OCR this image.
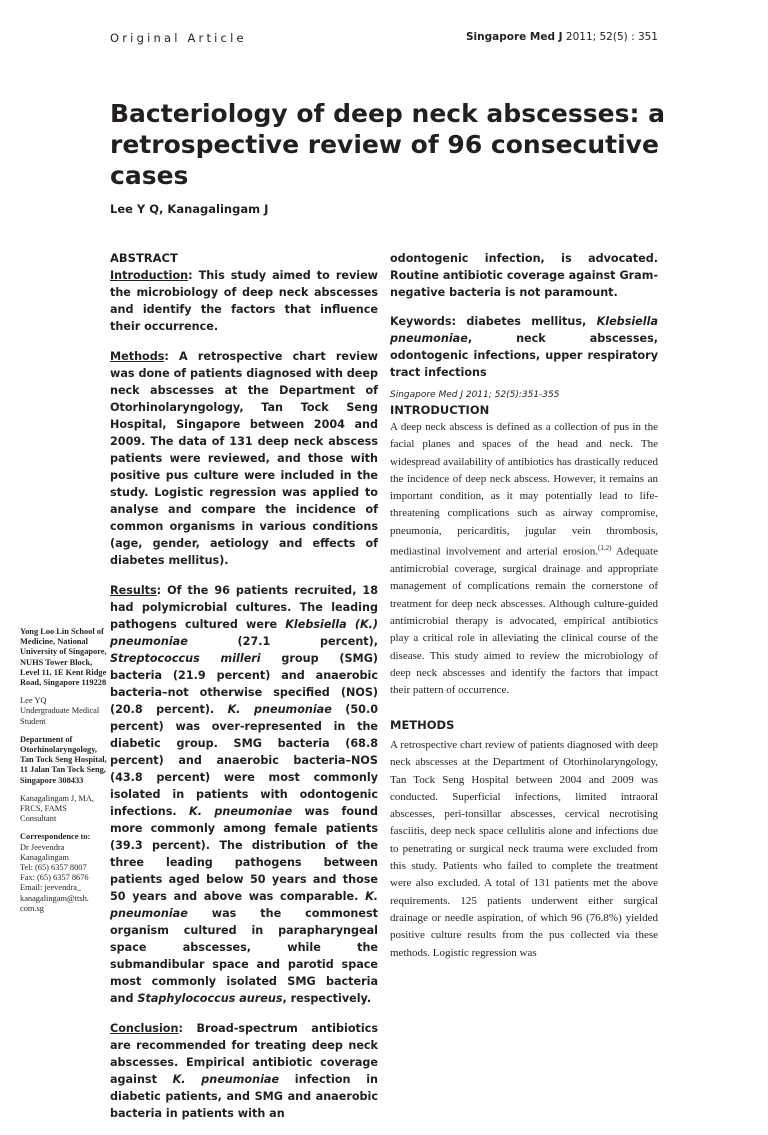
Original Article	Singapore Med J 2011; 52(5) : 351
Bacteriology of deep neck abscesses: a retrospective review of 96 consecutive cases
Lee Y Q, Kanagalingam J
ABSTRACT

Introduction: This study aimed to review the microbiology of deep neck abscesses and identify the factors that influence their occurrence.

Methods: A retrospective chart review was done of patients diagnosed with deep neck abscesses at the Department of Otorhinolaryngology, Tan Tock Seng Hospital, Singapore between 2004 and 2009. The data of 131 deep neck abscess patients were reviewed, and those with positive pus culture were included in the study. Logistic regression was applied to analyse and compare the incidence of common organisms in various conditions (age, gender, aetiology and effects of diabetes mellitus).

Results: Of the 96 patients recruited, 18 had polymicrobial cultures. The leading pathogens cultured were Klebsiella (K.) pneumoniae (27.1 percent), Streptococcus milleri group (SMG) bacteria (21.9 percent) and anaerobic bacteria–not otherwise specified (NOS) (20.8 percent). K. pneumoniae (50.0 percent) was over-represented in the diabetic group. SMG bacteria (68.8 percent) and anaerobic bacteria–NOS (43.8 percent) were most commonly isolated in patients with odontogenic infections. K. pneumoniae was found more commonly among female patients (39.3 percent). The distribution of the three leading pathogens between patients aged below 50 years and those 50 years and above was comparable. K. pneumoniae was the commonest organism cultured in parapharyngeal space abscesses, while the submandibular space and parotid space most commonly isolated SMG bacteria and Staphylococcus aureus, respectively.

Conclusion: Broad-spectrum antibiotics are recommended for treating deep neck abscesses. Empirical antibiotic coverage against K. pneumoniae infection in diabetic patients, and SMG and anaerobic bacteria in patients with an

odontogenic infection, is advocated. Routine antibiotic coverage against Gram-negative bacteria is not paramount.

Keywords: diabetes mellitus, Klebsiella pneumoniae, neck abscesses, odontogenic infections, upper respiratory tract infections

Singapore Med J 2011; 52(5):351-355
INTRODUCTION
A deep neck abscess is defined as a collection of pus in the facial planes and spaces of the head and neck. The widespread availability of antibiotics has drastically reduced the incidence of deep neck abscess. However, it remains an important condition, as it may potentially lead to life-threatening complications such as airway compromise, pneumonia, pericarditis, jugular vein thrombosis, mediastinal involvement and arterial erosion.$^{(1,2)}$ Adequate antimicrobial coverage, surgical drainage and appropriate management of complications remain the cornerstone of treatment for deep neck abscesses. Although culture-guided antimicrobial therapy is advocated, empirical antibiotics play a critical role in alleviating the clinical course of the disease. This study aimed to review the microbiology of deep neck abscesses and identify the factors that impact their pattern of occurrence.
METHODS
A retrospective chart review of patients diagnosed with deep neck abscesses at the Department of Otorhinolaryngology, Tan Tock Seng Hospital between 2004 and 2009 was conducted. Superficial infections, limited intraoral abscesses, peri-tonsillar abscesses, cervical necrotising fasciitis, deep neck space cellulitis alone and infections due to penetrating or surgical neck trauma were excluded from this study. Patients who failed to complete the treatment were also excluded. A total of 131 patients met the above requirements. 125 patients underwent either surgical drainage or needle aspiration, of which 96 (76.8%) yielded positive culture results from the pus collected via these methods. Logistic regression was
Yong Loo Lin School of Medicine, National University of Singapore, NUHS Tower Block, Level 11, 1E Kent Ridge Road, Singapore 119228
Lee YQ
Undergraduate Medical Student
Department of Otorhinolaryngology, Tan Tock Seng Hospital, 11 Jalan Tan Tock Seng, Singapore 308433
Kanagalingam J, MA, FRCS, FAMS
Consultant
Correspondence to:
Dr Jeevendra Kanagalingam
Tel: (65) 6357 8007
Fax: (65) 6357 8676
Email: jeevendra_ kanagalingam@ttsh. com.sg
